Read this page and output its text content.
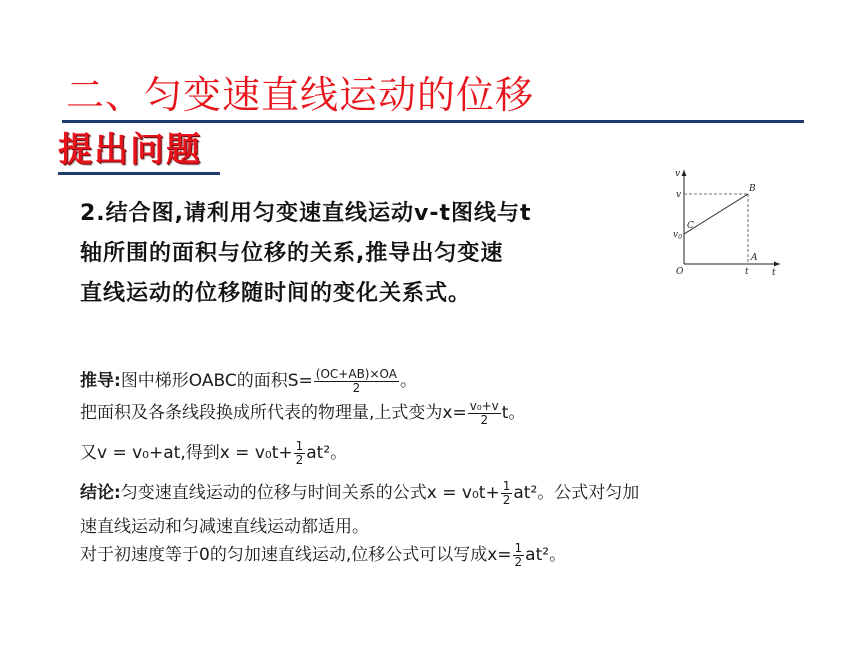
二、匀变速直线运动的位移
提出问题
2.结合图,请利用匀变速直线运动v-t图线与t
轴所围的面积与位移的关系,推导出匀变速
直线运动的位移随时间的变化关系式。
v
v
$v_0$
O	t	t
A
B
C
推导:图中梯形OABC的面积$S= \frac{(OC+AB)\times OA}{2}$ 。
把面积及各条线段换成所代表的物理量,上式变为$x= \frac{\text{v₀+v}}{2}$ t。
又v = v₀+at,得到$x = v_0t+ \frac{1}{2} at^2$。
结论:匀变速直线运动的位移与时间关系的公式$x = v_0t+ \frac{1}{2} at^2$。公式对匀加
速直线运动和匀减速直线运动都适用。
对于初速度等于0的匀加速直线运动,位移公式可以写成$x= \frac{1}{2} at^2$。
